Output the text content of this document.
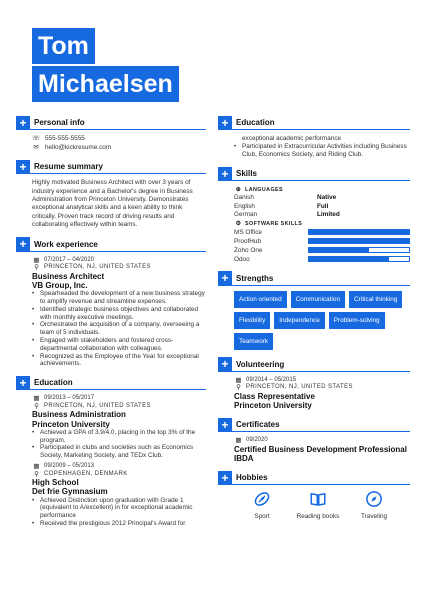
Tom
Michaelsen
+ Personal info
☏ 555-555-5555
✉ hello@kickresume.com
+ Resume summary
Highly motivated Business Architect with over 3 years of industry experience and a Bachelor's degree in Business Administration from Princeton University. Demonstrates exceptional analytical skills and a keen ability to think critically. Proven track record of driving results and collaborating effectively within teams.
+ Work experience
▦ 07/2017 – 04/2020
⚲ PRINCETON, NJ, UNITED STATES
Business Architect
VB Group, Inc.
• Spearheaded the development of a new business strategy to amplify revenue and streamline expenses.
• Identified strategic business objectives and collaborated with monthly executive meetings.
• Orchestrated the acquisition of a company, overseeing a team of 5 individuals.
• Engaged with stakeholders and fostered cross-departmental collaboration with colleagues.
• Recognized as the Employee of the Year for exceptional achievements.
+ Education
▦ 09/2013 – 05/2017
⚲ PRINCETON, NJ, UNITED STATES
Business Administration
Princeton University
• Achieved a GPA of 3.9/4.0, placing in the top 3% of the program.
• Participated in clubs and societies such as Economics Society, Marketing Society, and TEDx Club.
▦ 09/2009 – 05/2013
⚲ COPENHAGEN, DENMARK
High School
Det frie Gymnasium
• Achieved Distinction upon graduation with Grade 1 (equivalent to A/excellent) in for exceptional academic performance
• Received the prestigious 2012 Principal's Award for
+ Education
exceptional academic performance
• Participated in Extracurricular Activities including Business Club, Economics Society, and Riding Club.
+ Skills
⊕ LANGUAGES
Danish	Native
English	Full
German	Limited
⚙ SOFTWARE SKILLS
MS Office
ProofHub
Zoho One
Odoo
+ Strengths
Action oriented	Communication	Critical thinking
Flexibility	Independence	Problem-solving
Teamwork
+ Volunteering
▦ 09/2014 – 05/2015
⚲ PRINCETON, NJ, UNITED STATES
Class Representative
Princeton University
+ Certificates
▦ 09/2020
Certified Business Development Professional
IBDA
+ Hobbies
Sport	Reading books	Traveling
